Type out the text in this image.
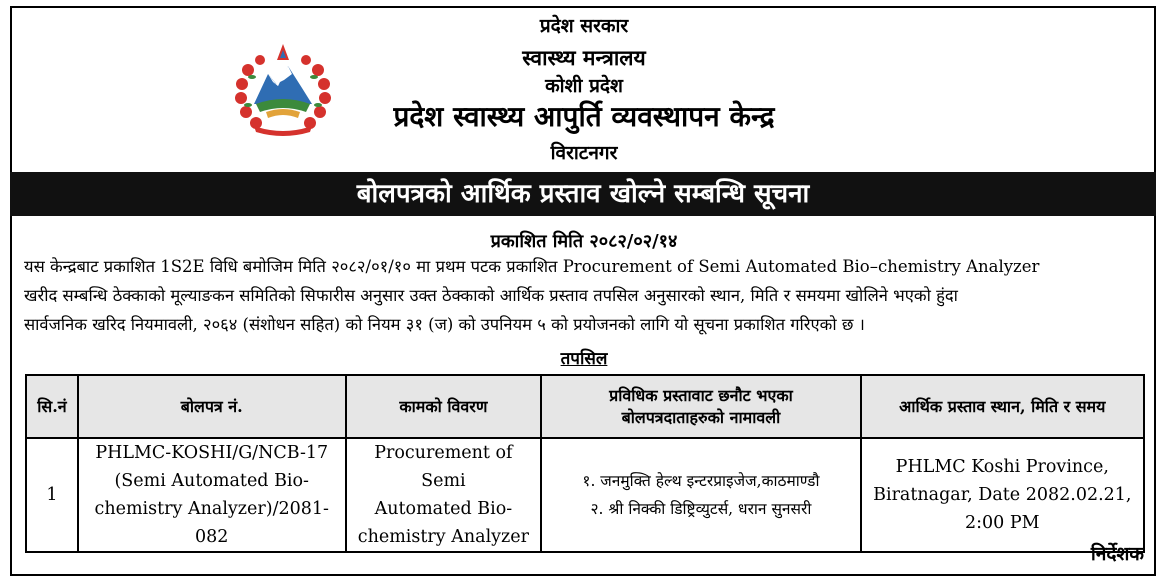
प्रदेश सरकार
स्वास्थ्य मन्त्रालय
कोशी प्रदेश
प्रदेश स्वास्थ्य आपुर्ति व्यवस्थापन केन्द्र
विराटनगर
बोलपत्रको आर्थिक प्रस्ताव खोल्ने सम्बन्धि सूचना
प्रकाशित मिति २०८२/०२/१४
यस केन्द्रबाट प्रकाशित 1S2E विधि बमोजिम मिति २०८२/०१/१० मा प्रथम पटक प्रकाशित Procurement of Semi Automated Bio–chemistry Analyzer
खरीद सम्बन्धि ठेक्काको मूल्याङकन समितिको सिफारीस अनुसार उक्त ठेक्काको आर्थिक प्रस्ताव तपसिल अनुसारको स्थान, मिति र समयमा खोलिने भएको हुंदा
सार्वजनिक खरिद नियमावली, २०६४ (संशोधन सहित) को नियम ३१ (ज) को उपनियम ५ को प्रयोजनको लागि यो सूचना प्रकाशित गरिएको छ ।
तपसिल
सि.नं	बोलपत्र नं.	कामको विवरण	प्रविधिक प्रस्तावाट छनौट भएका
बोलपत्रदाताहरुको नामावली	आर्थिक प्रस्ताव स्थान, मिति र समय
1	PHLMC-KOSHI/G/NCB-17
(Semi Automated Bio-
chemistry Analyzer)/2081-082	Procurement of Semi
Automated Bio-
chemistry Analyzer	१. जनमुक्ति हेल्थ इन्टरप्राइजेज,काठमाण्डौ
२. श्री निक्की डिष्ट्रिव्युटर्स, धरान सुनसरी	PHLMC Koshi Province,
Biratnagar, Date 2082.02.21,
2:00 PM
निर्देशक
